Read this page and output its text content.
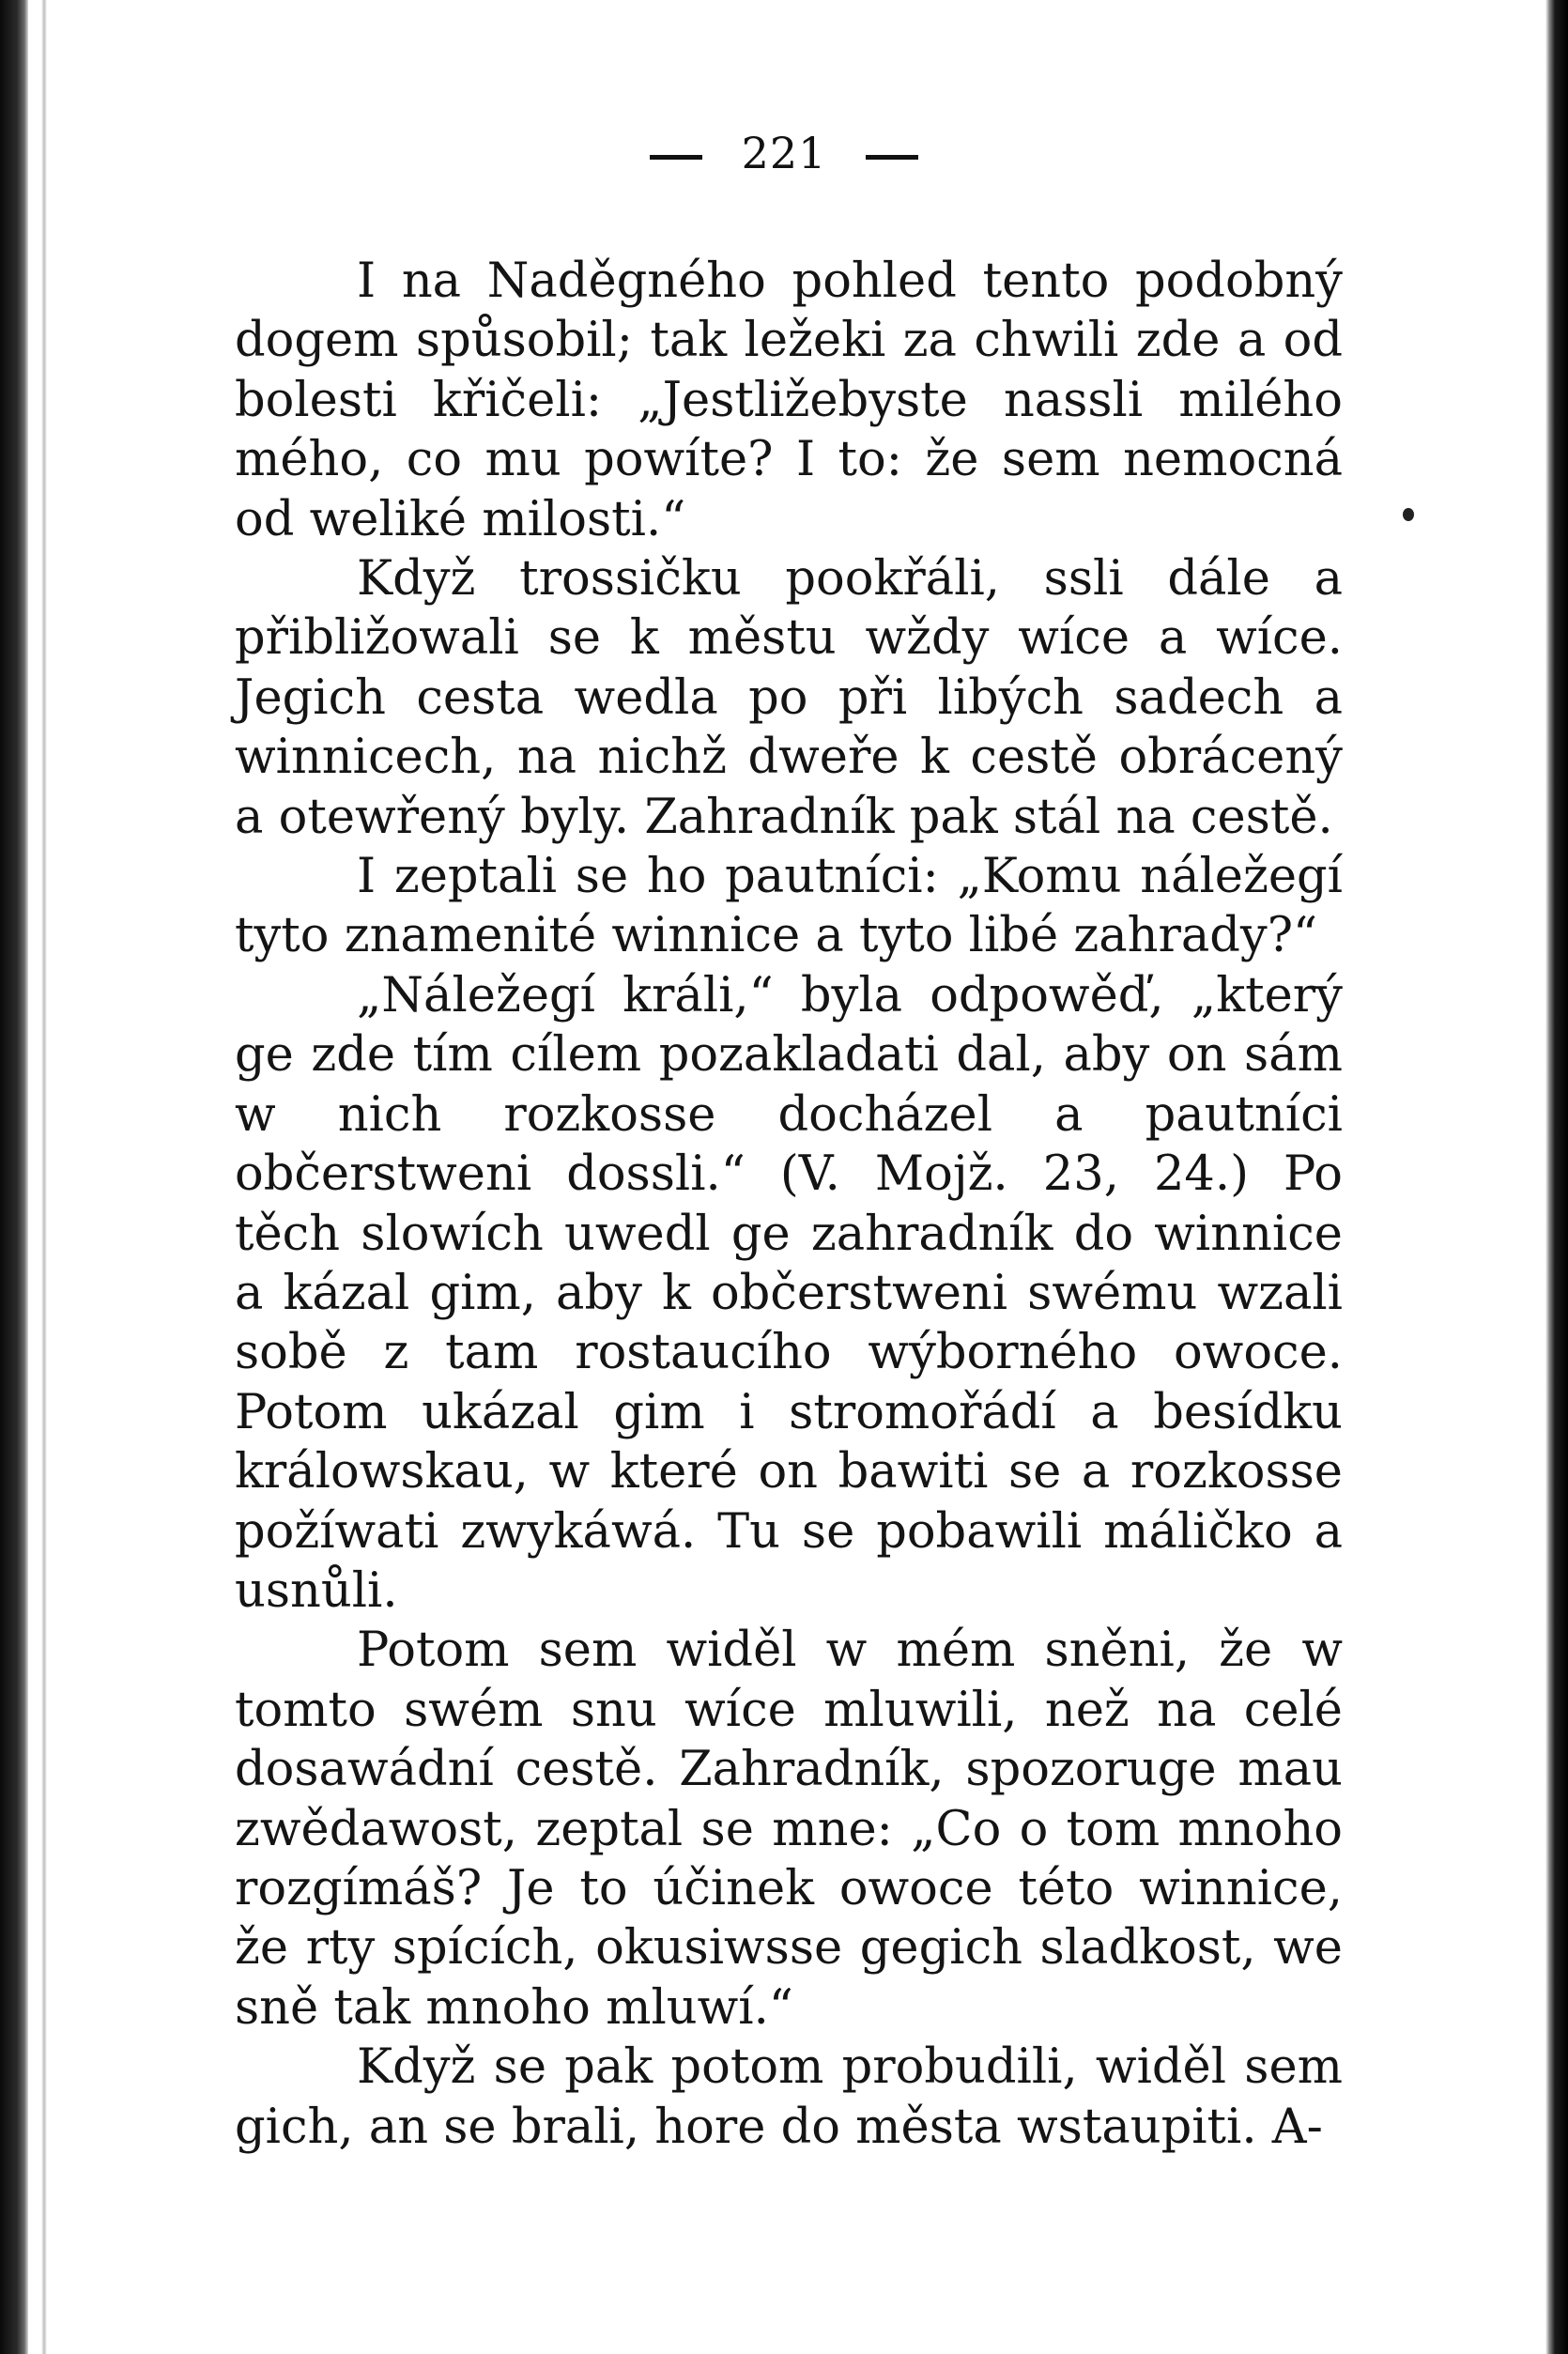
221

I na Naděgného pohled tento podobný dogem spůsobil; tak ležeki za chwili zde a od bolesti křičeli: „Jestližebyste nassli milého mého, co mu powíte? I to: že sem nemocná od weliké milosti.“

Když trossičku pookřáli, ssli dále a přibližowali se k městu wždy wíce a wíce. Jegich cesta wedla po při libých sadech a winnicech, na nichž dweře k cestě obrácený a otewřený byly. Zahradník pak stál na cestě.

I zeptali se ho pautníci: „Komu náležegí tyto znamenité winnice a tyto libé zahrady?“

„Náležegí králi,“ byla odpowěď, „který ge zde tím cílem pozakladati dal, aby on sám w nich rozkosse docházel a pautníci občerstweni dossli.“ (V. Mojž. 23, 24.) Po těch slowích uwedl ge zahradník do winnice a kázal gim, aby k občerstweni swému wzali sobě z tam rostaucího wýborného owoce. Potom ukázal gim i stromořádí a besídku králowskau, w které on bawiti se a rozkosse požíwati zwykáwá. Tu se pobawili máličko a usnůli.

Potom sem widěl w mém sněni, že w tomto swém snu wíce mluwili, než na celé dosawádní cestě. Zahradník, spozoruge mau zwědawost, zeptal se mne: „Co o tom mnoho rozgímáš? Je to účinek owoce této winnice, že rty spících, okusiwsse gegich sladkost, we sně tak mnoho mluwí.“

Když se pak potom probudili, widěl sem gich, an se brali, hore do města wstaupiti. A-
